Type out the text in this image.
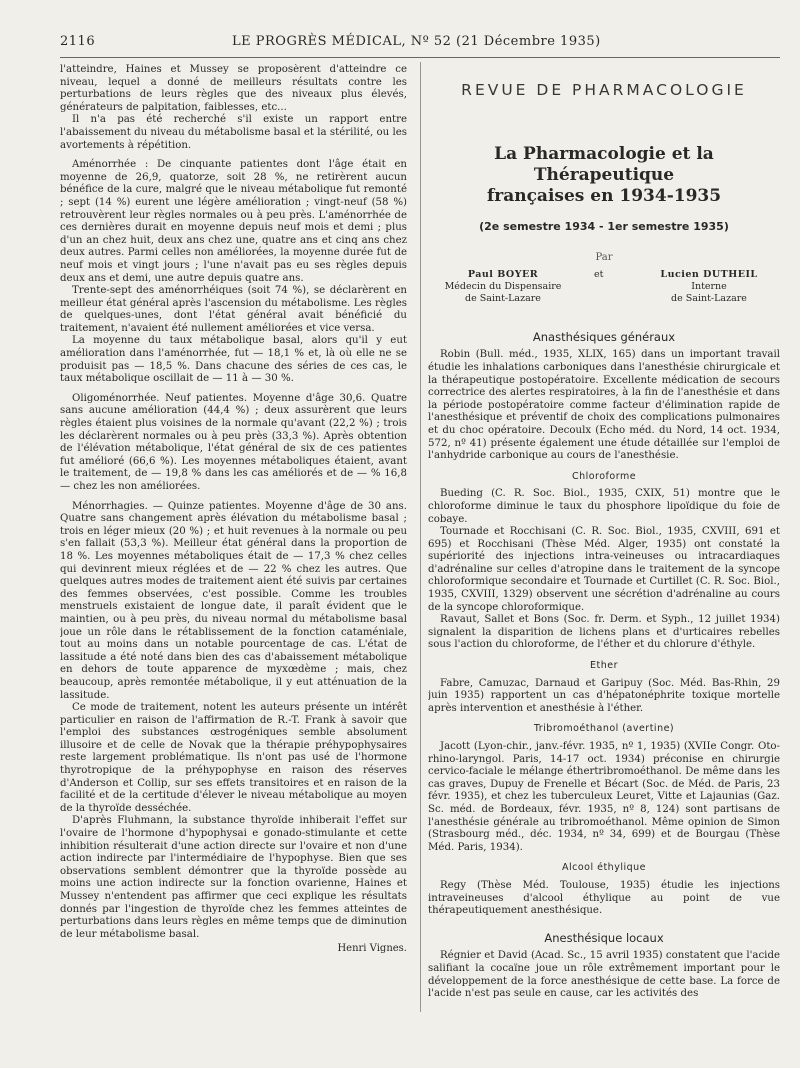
2116	LE PROGRÈS MÉDICAL, Nº 52 (21 Décembre 1935)

l'atteindre, Haines et Mussey se proposèrent d'atteindre ce niveau, lequel a donné de meilleurs résultats contre les perturbations de leurs règles que des niveaux plus élevés, générateurs de palpitation, faiblesses, etc...

Il n'a pas été recherché s'il existe un rapport entre l'abaissement du niveau du métabolisme basal et la stérilité, ou les avortements à répétition.

Aménorrhée : De cinquante patientes dont l'âge était en moyenne de 26,9, quatorze, soit 28 %, ne retirèrent aucun bénéfice de la cure, malgré que le niveau métabolique fut remonté ; sept (14 %) eurent une légère amélioration ; vingt-neuf (58 %) retrouvèrent leur règles normales ou à peu près. L'aménorrhée de ces dernières durait en moyenne depuis neuf mois et demi ; plus d'un an chez huit, deux ans chez une, quatre ans et cinq ans chez deux autres. Parmi celles non améliorées, la moyenne durée fut de neuf mois et vingt jours ; l'une n'avait pas eu ses règles depuis deux ans et demi, une autre depuis quatre ans.

Trente-sept des aménorrhéiques (soit 74 %), se déclarèrent en meilleur état général après l'ascension du métabolisme. Les règles de quelques-unes, dont l'état général avait bénéficié du traitement, n'avaient été nullement améliorées et vice versa.

La moyenne du taux métabolique basal, alors qu'il y eut amélioration dans l'aménorrhée, fut — 18,1 % et, là où elle ne se produisit pas — 18,5 %. Dans chacune des séries de ces cas, le taux métabolique oscillait de — 11 à — 30 %.

Oligoménorrhée. Neuf patientes. Moyenne d'âge 30,6. Quatre sans aucune amélioration (44,4 %) ; deux assurèrent que leurs règles étaient plus voisines de la normale qu'avant (22,2 %) ; trois les déclarèrent normales ou à peu près (33,3 %). Après obtention de l'élévation métabolique, l'état général de six de ces patientes fut amélioré (66,6 %). Les moyennes métaboliques étaient, avant le traitement, de — 19,8 % dans les cas améliorés et de — % 16,8 — chez les non améliorées.

Ménorrhagies. — Quinze patientes. Moyenne d'âge de 30 ans. Quatre sans changement après élévation du métabolisme basal ; trois en léger mieux (20 %) ; et huit revenues à la normale ou peu s'en fallait (53,3 %). Meilleur état général dans la proportion de 18 %. Les moyennes métaboliques était de — 17,3 % chez celles qui devinrent mieux réglées et de — 22 % chez les autres. Que quelques autres modes de traitement aient été suivis par certaines des femmes observées, c'est possible. Comme les troubles menstruels existaient de longue date, il paraît évident que le maintien, ou à peu près, du niveau normal du métabolisme basal joue un rôle dans le rétablissement de la fonction cataméniale, tout au moins dans un notable pourcentage de cas. L'état de lassitude a été noté dans bien des cas d'abaissement métabolique en dehors de toute apparence de myxœdème ; mais, chez beaucoup, après remontée métabolique, il y eut atténuation de la lassitude.

Ce mode de traitement, notent les auteurs présente un intérêt particulier en raison de l'affirmation de R.-T. Frank à savoir que l'emploi des substances œstrogéniques semble absolument illusoire et de celle de Novak que la thérapie préhypophysaires reste largement problématique. Ils n'ont pas usé de l'hormone thyrotropique de la préhypophyse en raison des réserves d'Anderson et Collip, sur ses effets transitoires et en raison de la facilité et de la certitude d'élever le niveau métabolique au moyen de la thyroïde desséchée.

D'après Fluhmann, la substance thyroïde inhiberait l'effet sur l'ovaire de l'hormone d'hypophysai e gonado-stimulante et cette inhibition résulterait d'une action directe sur l'ovaire et non d'une action indirecte par l'intermédiaire de l'hypophyse. Bien que ses observations semblent démontrer que la thyroïde possède au moins une action indirecte sur la fonction ovarienne, Haines et Mussey n'entendent pas affirmer que ceci explique les résultats donnés par l'ingestion de thyroïde chez les femmes atteintes de perturbations dans leurs règles en même temps que de diminution de leur métabolisme basal.

Henri Vignes.
REVUE DE PHARMACOLOGIE
La Pharmacologie et la Thérapeutique
françaises en 1934-1935
(2e semestre 1934 - 1er semestre 1935)
Par
Paul BOYER
Médecin du Dispensaire
de Saint-Lazare
et	Lucien DUTHEIL
Interne
de Saint-Lazare
Anasthésiques généraux

Robin (Bull. méd., 1935, XLIX, 165) dans un important travail étudie les inhalations carboniques dans l'anesthésie chirurgicale et la thérapeutique postopératoire. Excellente médication de secours correctrice des alertes respiratoires, à la fin de l'anesthésie et dans la période postopératoire comme facteur d'élimination rapide de l'anesthésique et préventif de choix des complications pulmonaires et du choc opératoire. Decoulx (Echo méd. du Nord, 14 oct. 1934, 572, nº 41) présente également une étude détaillée sur l'emploi de l'anhydride carbonique au cours de l'anesthésie.

Chloroforme

Bueding (C. R. Soc. Biol., 1935, CXIX, 51) montre que le chloroforme diminue le taux du phosphore lipoïdique du foie de cobaye.

Tournade et Rocchisani (C. R. Soc. Biol., 1935, CXVIII, 691 et 695) et Rocchisani (Thèse Méd. Alger, 1935) ont constaté la supériorité des injections intra-veineuses ou intracardiaques d'adrénaline sur celles d'atropine dans le traitement de la syncope chloroformique secondaire et Tournade et Curtillet (C. R. Soc. Biol., 1935, CXVIII, 1329) observent une sécrétion d'adrénaline au cours de la syncope chloroformique.

Ravaut, Sallet et Bons (Soc. fr. Derm. et Syph., 12 juillet 1934) signalent la disparition de lichens plans et d'urticaires rebelles sous l'action du chloroforme, de l'éther et du chlorure d'éthyle.

Ether

Fabre, Camuzac, Darnaud et Garipuy (Soc. Méd. Bas-Rhin, 29 juin 1935) rapportent un cas d'hépatonéphrite toxique mortelle après intervention et anesthésie à l'éther.

Tribromoéthanol (avertine)

Jacott (Lyon-chir., janv.-févr. 1935, nº 1, 1935) (XVIIe Congr. Oto-rhino-laryngol. Paris, 14-17 oct. 1934) préconise en chirurgie cervico-faciale le mélange éthertribromoéthanol. De même dans les cas graves, Dupuy de Frenelle et Bécart (Soc. de Méd. de Paris, 23 févr. 1935), et chez les tuberculeux Leuret, Vitte et Lajaunias (Gaz. Sc. méd. de Bordeaux, févr. 1935, nº 8, 124) sont partisans de l'anesthésie générale au tribromoéthanol. Même opinion de Simon (Strasbourg méd., déc. 1934, nº 34, 699) et de Bourgau (Thèse Méd. Paris, 1934).

Alcool éthylique

Regy (Thèse Méd. Toulouse, 1935) étudie les injections intraveineuses d'alcool éthylique au point de vue thérapeutiquement anesthésique.

Anesthésique locaux

Régnier et David (Acad. Sc., 15 avril 1935) constatent que l'acide salifiant la cocaïne joue un rôle extrêmement important pour le développement de la force anesthésique de cette base. La force de l'acide n'est pas seule en cause, car les activités des
